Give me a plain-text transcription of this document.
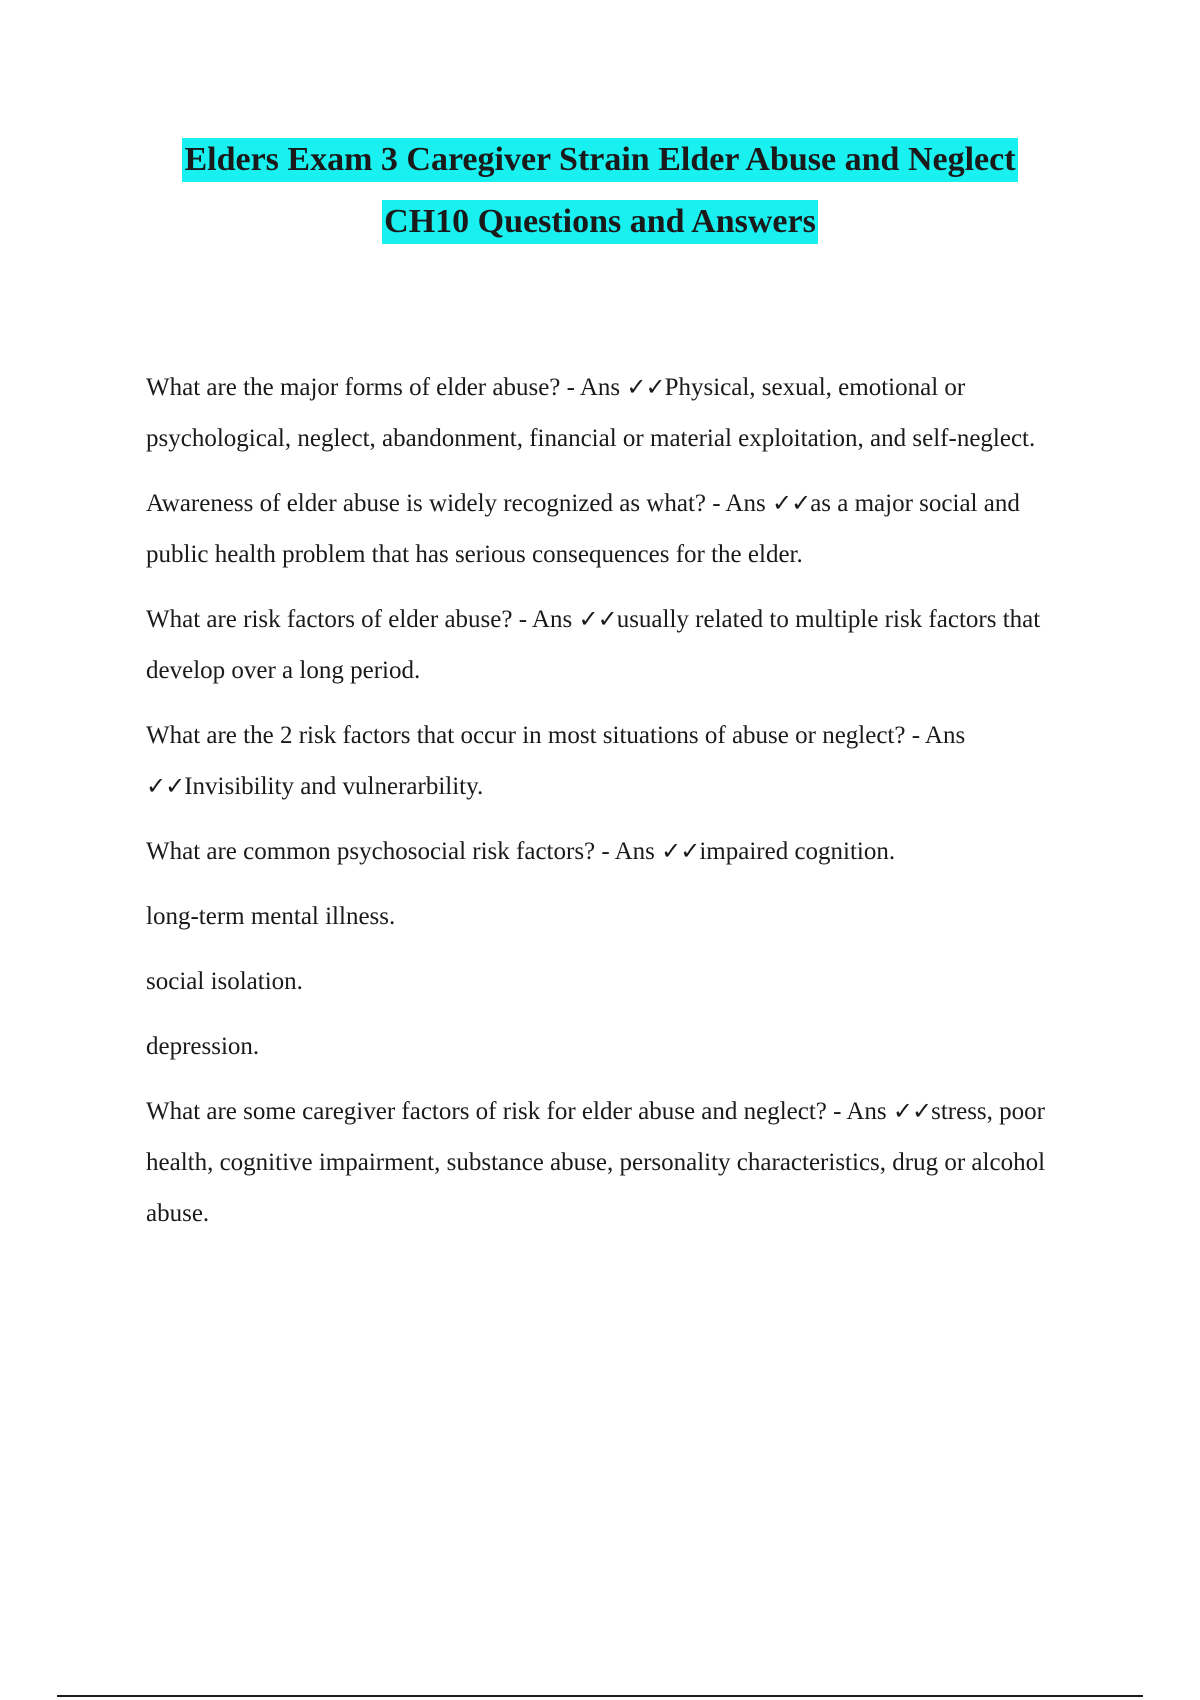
Elders Exam 3 Caregiver Strain Elder Abuse and Neglect
CH10 Questions and Answers

What are the major forms of elder abuse? - Ans ✓✓Physical, sexual, emotional or psychological, neglect, abandonment, financial or material exploitation, and self-neglect.

Awareness of elder abuse is widely recognized as what? - Ans ✓✓as a major social and public health problem that has serious consequences for the elder.

What are risk factors of elder abuse? - Ans ✓✓usually related to multiple risk factors that develop over a long period.

What are the 2 risk factors that occur in most situations of abuse or neglect? - Ans ✓✓Invisibility and vulnerarbility.

What are common psychosocial risk factors? - Ans ✓✓impaired cognition.

long-term mental illness.

social isolation.

depression.

What are some caregiver factors of risk for elder abuse and neglect? - Ans ✓✓stress, poor health, cognitive impairment, substance abuse, personality characteristics, drug or alcohol abuse.
